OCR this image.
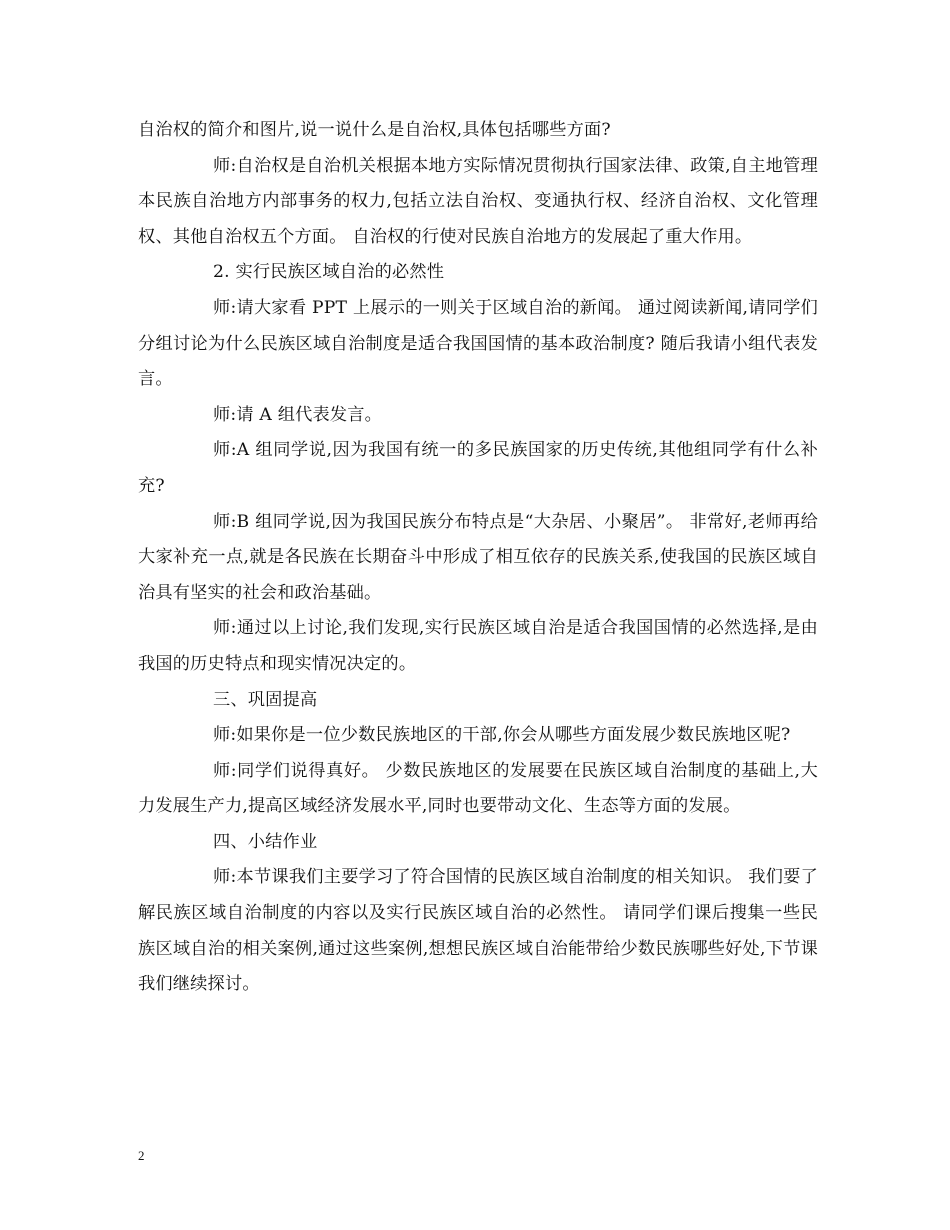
自治权的简介和图片,说一说什么是自治权,具体包括哪些方面?

师:自治权是自治机关根据本地方实际情况贯彻执行国家法律、政策,自主地管理本民族自治地方内部事务的权力,包括立法自治权、变通执行权、经济自治权、文化管理权、其他自治权五个方面。 自治权的行使对民族自治地方的发展起了重大作用。

2. 实行民族区域自治的必然性

师:请大家看 PPT 上展示的一则关于区域自治的新闻。 通过阅读新闻,请同学们分组讨论为什么民族区域自治制度是适合我国国情的基本政治制度? 随后我请小组代表发言。

师:请 A 组代表发言。

师:A 组同学说,因为我国有统一的多民族国家的历史传统,其他组同学有什么补充?

师:B 组同学说,因为我国民族分布特点是“大杂居、小聚居”。 非常好,老师再给大家补充一点,就是各民族在长期奋斗中形成了相互依存的民族关系,使我国的民族区域自治具有坚实的社会和政治基础。

师:通过以上讨论,我们发现,实行民族区域自治是适合我国国情的必然选择,是由我国的历史特点和现实情况决定的。

三、巩固提高

师:如果你是一位少数民族地区的干部,你会从哪些方面发展少数民族地区呢?

师:同学们说得真好。 少数民族地区的发展要在民族区域自治制度的基础上,大力发展生产力,提高区域经济发展水平,同时也要带动文化、生态等方面的发展。

四、小结作业

师:本节课我们主要学习了符合国情的民族区域自治制度的相关知识。 我们要了解民族区域自治制度的内容以及实行民族区域自治的必然性。 请同学们课后搜集一些民族区域自治的相关案例,通过这些案例,想想民族区域自治能带给少数民族哪些好处,下节课我们继续探讨。

2
